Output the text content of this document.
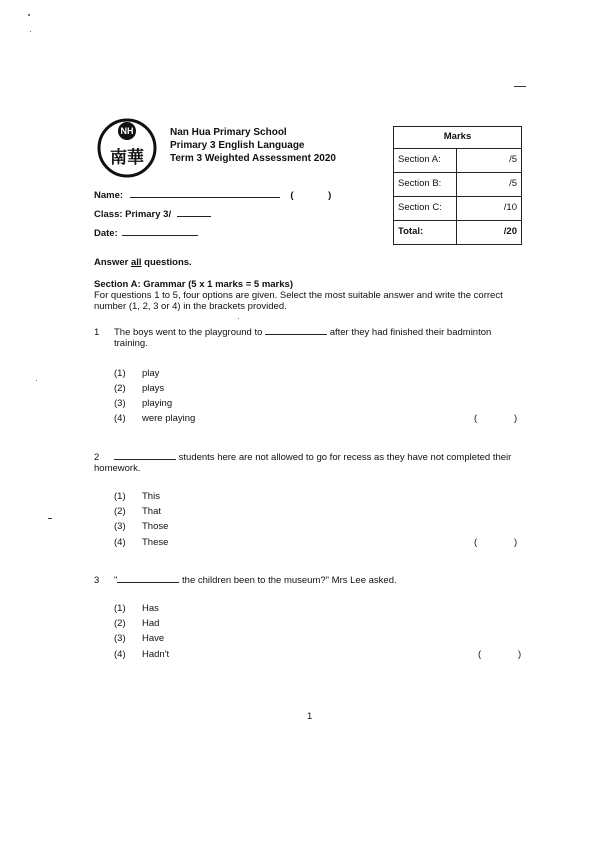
NH
南華
Nan Hua Primary School
Primary 3 English Language
Term 3 Weighted Assessment 2020
Marks	
Section A:	/5
Section B:	/5
Section C:	/10
Total:	/20
Name:	(	)
Class: Primary 3/
Date:
Answer all questions.
Section A: Grammar (5 x 1 marks = 5 marks)
For questions 1 to 5, four options are given. Select the most suitable answer and write the correct
number (1, 2, 3 or 4) in the brackets provided.
1 The boys went to the playground to	after they had finished their badminton
training.
(1) play
(2) plays
(3) playing
(4) were playing	(	)
2	students here are not allowed to go for recess as they have not completed their
homework.
(1) This
(2) That
(3) Those
(4) These	(	)
3 "	the children been to the museum?" Mrs Lee asked.
(1) Has
(2) Had
(3) Have
(4) Hadn't	(	)
1
